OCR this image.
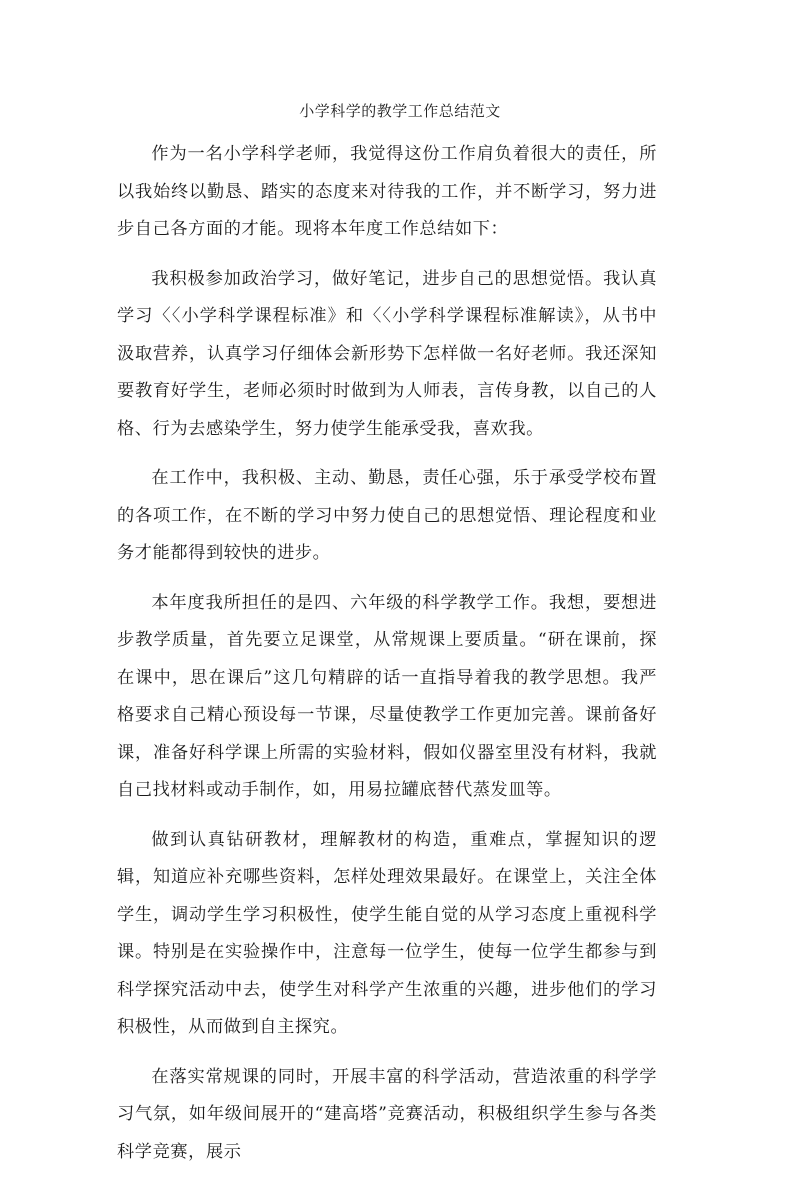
小学科学的教学工作总结范文

作为一名小学科学老师，我觉得这份工作肩负着很大的责任，所以我始终以勤恳、踏实的态度来对待我的工作，并不断学习，努力进步自己各方面的才能。现将本年度工作总结如下：

我积极参加政治学习，做好笔记，进步自己的思想觉悟。我认真学习〈〈小学科学课程标准》和〈〈小学科学课程标准解读》，从书中汲取营养，认真学习仔细体会新形势下怎样做一名好老师。我还深知要教育好学生，老师必须时时做到为人师表，言传身教，以自己的人格、行为去感染学生，努力使学生能承受我，喜欢我。

在工作中，我积极、主动、勤恳，责任心强，乐于承受学校布置的各项工作，在不断的学习中努力使自己的思想觉悟、理论程度和业务才能都得到较快的进步。

本年度我所担任的是四、六年级的科学教学工作。我想，要想进步教学质量，首先要立足课堂，从常规课上要质量。“研在课前，探在课中，思在课后”这几句精辟的话一直指导着我的教学思想。我严格要求自己精心预设每一节课，尽量使教学工作更加完善。课前备好课，准备好科学课上所需的实验材料，假如仪器室里没有材料，我就自己找材料或动手制作，如，用易拉罐底替代蒸发皿等。

做到认真钻研教材，理解教材的构造，重难点，掌握知识的逻辑，知道应补充哪些资料，怎样处理效果最好。在课堂上，关注全体学生，调动学生学习积极性，使学生能自觉的从学习态度上重视科学课。特别是在实验操作中，注意每一位学生，使每一位学生都参与到科学探究活动中去，使学生对科学产生浓重的兴趣，进步他们的学习积极性，从而做到自主探究。

在落实常规课的同时，开展丰富的科学活动，营造浓重的科学学习气氛，如年级间展开的“建高塔”竞赛活动，积极组织学生参与各类科学竞赛，展示
